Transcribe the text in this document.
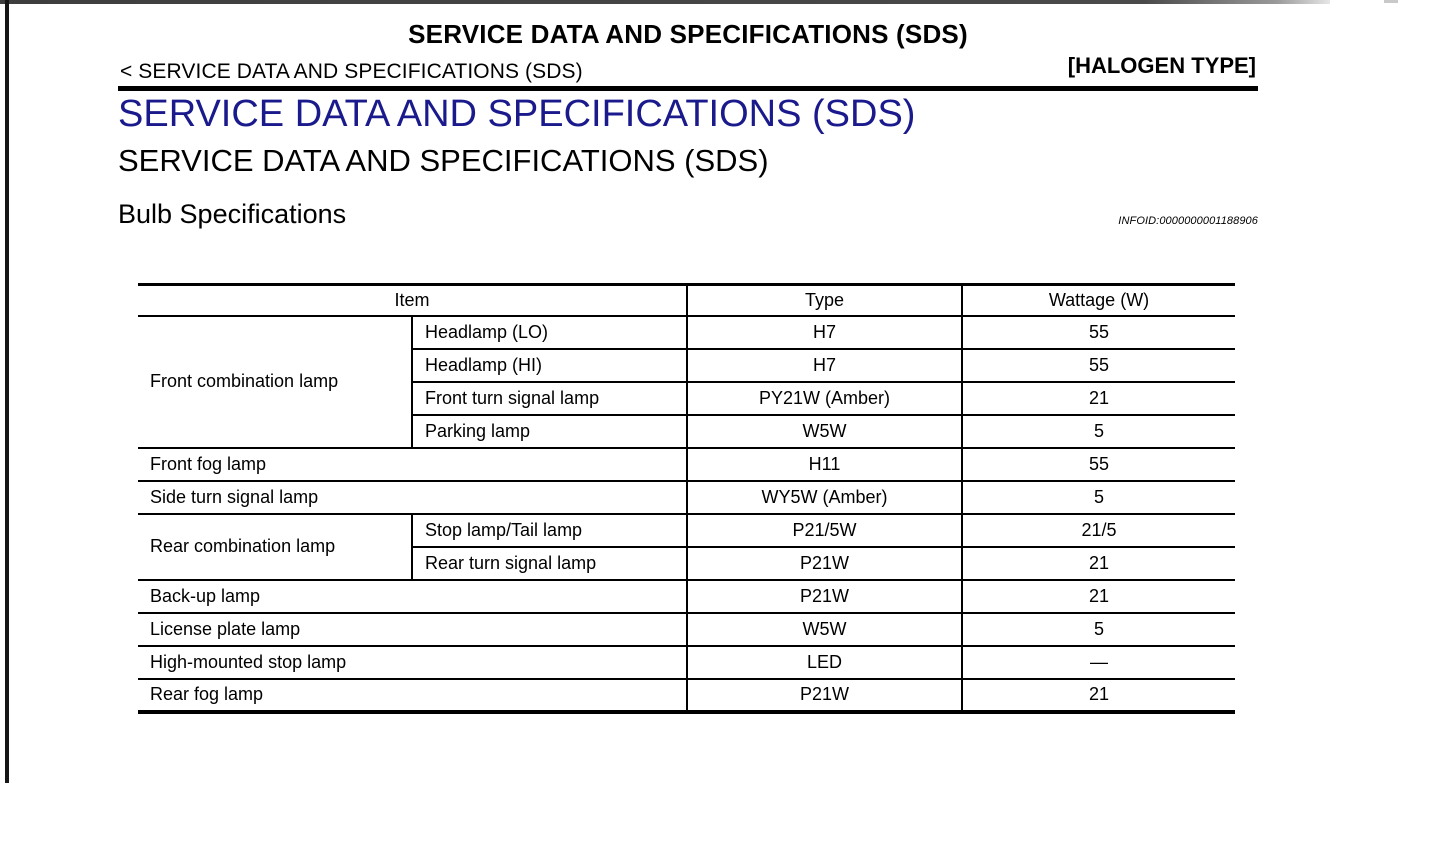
SERVICE DATA AND SPECIFICATIONS (SDS)
< SERVICE DATA AND SPECIFICATIONS (SDS)	[HALOGEN TYPE]
SERVICE DATA AND SPECIFICATIONS (SDS)
SERVICE DATA AND SPECIFICATIONS (SDS)
Bulb Specifications	INFOID:0000000001188906
Item		Type	Wattage (W)
Front combination lamp	Headlamp (LO)	H7	55
	Headlamp (HI)	H7	55
	Front turn signal lamp	PY21W (Amber)	21
	Parking lamp	W5W	5
Front fog lamp		H11	55
Side turn signal lamp		WY5W (Amber)	5
Rear combination lamp	Stop lamp/Tail lamp	P21/5W	21/5
	Rear turn signal lamp	P21W	21
Back-up lamp		P21W	21
License plate lamp		W5W	5
High-mounted stop lamp		LED	—
Rear fog lamp		P21W	21
